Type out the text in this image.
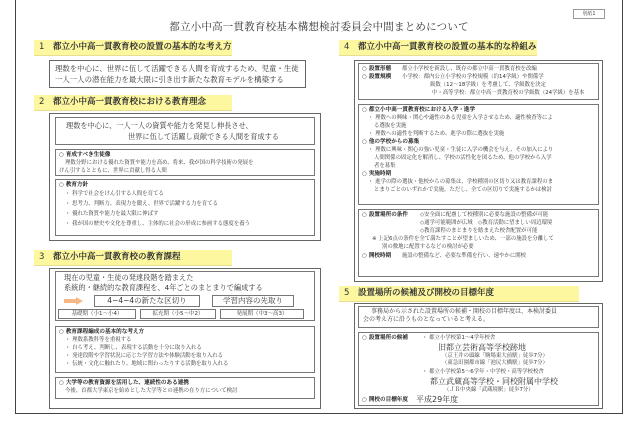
別紙1
都立小中高一貫教育校基本構想検討委員会中間まとめについて
1 都立小中高一貫教育校の設置の基本的な考え方
理数を中心に、世界に伍して活躍できる人間を育成するため、児童・生徒
一人一人の潜在能力を最大限に引き出す新たな教育モデルを構築する
2 都立小中高一貫教育校における教育理念
理数を中心に、一人一人の資質や能力を発見し伸長させ、
世界に伍して活躍し貢献できる人間を育成する
○ 育成すべき生徒像
理数分野における優れた資質や能力を高め、将来、我が国の科学技術の発展を
けん引するとともに、世界に貢献し得る人間
○ 教育方針
・ 科学で社会をけん引する人間を育てる
・ 思考力、判断力、表現力を鍛え、世界で活躍する力を育てる
・ 優れた資質や能力を最大限に伸ばす
・ 我が国の歴史や文化を尊重し、主体的に社会の形成に参画する態度を養う
3 都立小中高一貫教育校の教育課程
現在の児童・生徒の発達段階を踏まえた
系統的・継続的な教育課程を、4年ごとのまとまりで編成する
4−4−4の新たな区切り	学習内容の先取り
基礎期（小1〜小4）	拡充期（小5〜中2）	発展期（中3〜高3）
○ 教育課程編成の基本的な考え方
・ 理数系教科等を重視する
・ 自ら考え、判断し、表現する活動を十分に取り入れる
・ 発達段階や学習状況に応じた学習方法や体験活動を取り入れる
・ 伝統・文化に触れたり、地域に関わったりする活動を取り入れる
○ 大学等の教育資源を活用した、連続性のある連携
今後、首都大学東京を始めとした大学等との連携の在り方について検討
4 都立小中高一貫教育校の設置の基本的な枠組み
○ 設置形態	都立小学校を新設し、既存の都立中高一貫教育校を改編
○ 設置規模	小学校：都内公立小学校の学校規模（約14学級）や関係学
級数（12〜18学級）を考慮して、学級数を決定
中・高等学校：都立中高一貫教育校の学級数（24学級）を基本
○ 都立小中高一貫教育校における入学・進学
・ 理数への興味・関心や適性のある児童を入学させるため、適性検査等によ
る選抜を実施
・ 理数への適性を判断するため、進学の際に選抜を実施
○ 他の学校からの募集
・ 理数に興味・関心の強い児童・生徒に入学の機会を与え、その加入により
人間関係の固定化を解消し、学校の活性化を図るため、他の学校から入学
者を募集
○ 実施時期
・ 進学の際の選抜・他校からの募集は、学校種別の区切り又は教育課程のま
とまりごとのいずれかで実施。ただし、全ての区切りで実施するかは検討
○ 設置場所の条件	◇安全面に配慮して校種別に必要な施設の整備が可能
◇通学可能範囲が広域　◇教育活動に望ましい周辺環境
◇教育課程のまとまりを踏まえた校舎配置が可能
※ 上記6点の条件を全て満たすことが望ましいため、一部の施設を分離して
別の敷地に配置するなどの検討が必要
○ 開校時期	施設の整備など、必要な準備を行い、速やかに開校
5 設置場所の候補及び開校の目標年度
事務局から示された設置場所の候補・開校の目標年度は、本検討委員
会の考え方に沿うものとなっていると考える。
○ 設置場所の候補	・ 都立小学校第1〜4学年校舎
旧都立芸術高等学校跡地
（京王井の頭線「駒場東大前駅」徒歩7分）
（東急田園都市線「池尻大橋駅」徒歩7分）
・ 都立小学校第5〜6学年・中学校・高等学校校舎
都立武蔵高等学校・同校附属中学校
（ＪＲ中央線「武蔵境駅」徒歩7分）
○ 開校の目標年度	平成29年度
